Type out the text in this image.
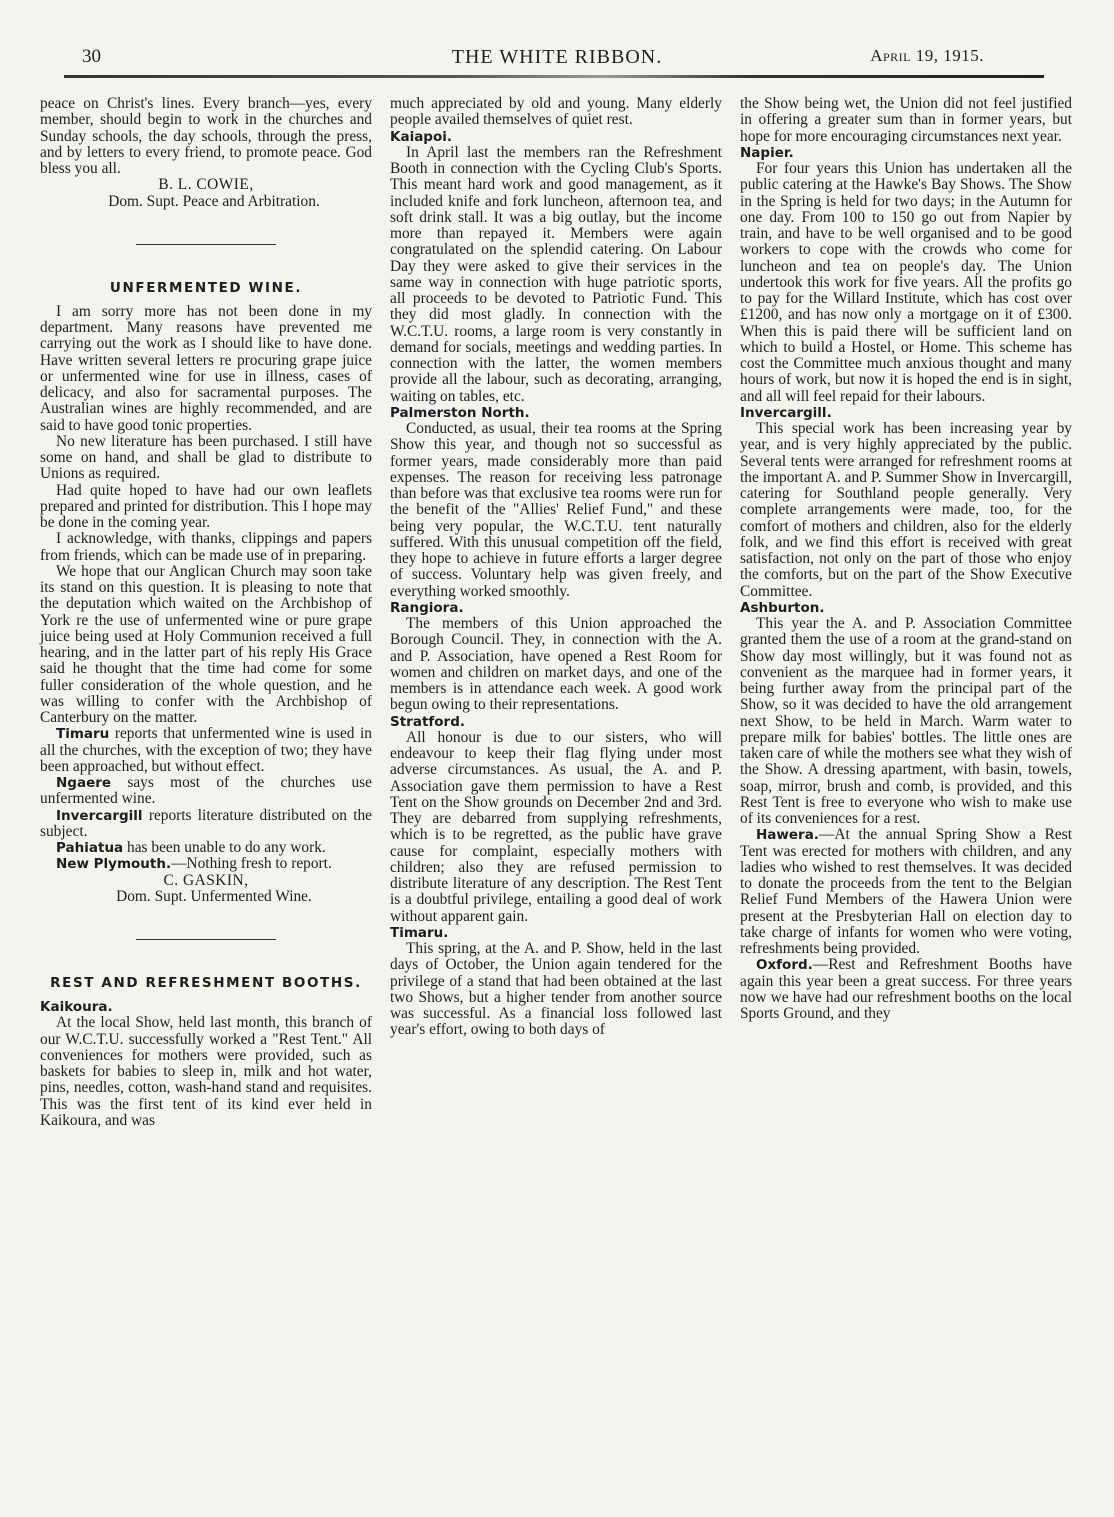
30	THE WHITE RIBBON.	April 19, 1915.

peace on Christ's lines. Every branch—yes, every member, should begin to work in the churches and Sunday schools, the day schools, through the press, and by letters to every friend, to promote peace. God bless you all.

B. L. COWIE,

Dom. Supt. Peace and Arbitration.

UNFERMENTED WINE.

I am sorry more has not been done in my department. Many reasons have prevented me carrying out the work as I should like to have done. Have written several letters re procuring grape juice or unfermented wine for use in illness, cases of delicacy, and also for sacramental purposes. The Australian wines are highly recommended, and are said to have good tonic properties.

No new literature has been purchased. I still have some on hand, and shall be glad to distribute to Unions as required.

Had quite hoped to have had our own leaflets prepared and printed for distribution. This I hope may be done in the coming year.

I acknowledge, with thanks, clippings and papers from friends, which can be made use of in preparing.

We hope that our Anglican Church may soon take its stand on this question. It is pleasing to note that the deputation which waited on the Archbishop of York re the use of unfermented wine or pure grape juice being used at Holy Communion received a full hearing, and in the latter part of his reply His Grace said he thought that the time had come for some fuller consideration of the whole question, and he was willing to confer with the Archbishop of Canterbury on the matter.

Timaru reports that unfermented wine is used in all the churches, with the exception of two; they have been approached, but without effect.

Ngaere says most of the churches use unfermented wine.

Invercargill reports literature distributed on the subject.

Pahiatua has been unable to do any work.

New Plymouth.—Nothing fresh to report.

C. GASKIN,

Dom. Supt. Unfermented Wine.

REST AND REFRESHMENT BOOTHS.
Kaikoura.

At the local Show, held last month, this branch of our W.C.T.U. successfully worked a "Rest Tent." All conveniences for mothers were provided, such as baskets for babies to sleep in, milk and hot water, pins, needles, cotton, wash-hand stand and requisites. This was the first tent of its kind ever held in Kaikoura, and was

much appreciated by old and young. Many elderly people availed themselves of quiet rest.

Kaiapoi.

In April last the members ran the Refreshment Booth in connection with the Cycling Club's Sports. This meant hard work and good management, as it included knife and fork luncheon, afternoon tea, and soft drink stall. It was a big outlay, but the income more than repayed it. Members were again congratulated on the splendid catering. On Labour Day they were asked to give their services in the same way in connection with huge patriotic sports, all proceeds to be devoted to Patriotic Fund. This they did most gladly. In connection with the W.C.T.U. rooms, a large room is very constantly in demand for socials, meetings and wedding parties. In connection with the latter, the women members provide all the labour, such as decorating, arranging, waiting on tables, etc.

Palmerston North.

Conducted, as usual, their tea rooms at the Spring Show this year, and though not so successful as former years, made considerably more than paid expenses. The reason for receiving less patronage than before was that exclusive tea rooms were run for the benefit of the "Allies' Relief Fund," and these being very popular, the W.C.T.U. tent naturally suffered. With this unusual competition off the field, they hope to achieve in future efforts a larger degree of success. Voluntary help was given freely, and everything worked smoothly.

Rangiora.

The members of this Union approached the Borough Council. They, in connection with the A. and P. Association, have opened a Rest Room for women and children on market days, and one of the members is in attendance each week. A good work begun owing to their representations.

Stratford.

All honour is due to our sisters, who will endeavour to keep their flag flying under most adverse circumstances. As usual, the A. and P. Association gave them permission to have a Rest Tent on the Show grounds on December 2nd and 3rd. They are debarred from supplying refreshments, which is to be regretted, as the public have grave cause for complaint, especially mothers with children; also they are refused permission to distribute literature of any description. The Rest Tent is a doubtful privilege, entailing a good deal of work without apparent gain.

Timaru.

This spring, at the A. and P. Show, held in the last days of October, the Union again tendered for the privilege of a stand that had been obtained at the last two Shows, but a higher tender from another source was successful. As a financial loss followed last year's effort, owing to both days of

the Show being wet, the Union did not feel justified in offering a greater sum than in former years, but hope for more encouraging circumstances next year.

Napier.

For four years this Union has undertaken all the public catering at the Hawke's Bay Shows. The Show in the Spring is held for two days; in the Autumn for one day. From 100 to 150 go out from Napier by train, and have to be well organised and to be good workers to cope with the crowds who come for luncheon and tea on people's day. The Union undertook this work for five years. All the profits go to pay for the Willard Institute, which has cost over £1200, and has now only a mortgage on it of £300. When this is paid there will be sufficient land on which to build a Hostel, or Home. This scheme has cost the Committee much anxious thought and many hours of work, but now it is hoped the end is in sight, and all will feel repaid for their labours.

Invercargill.

This special work has been increasing year by year, and is very highly appreciated by the public. Several tents were arranged for refreshment rooms at the important A. and P. Summer Show in Invercargill, catering for Southland people generally. Very complete arrangements were made, too, for the comfort of mothers and children, also for the elderly folk, and we find this effort is received with great satisfaction, not only on the part of those who enjoy the comforts, but on the part of the Show Executive Committee.

Ashburton.

This year the A. and P. Association Committee granted them the use of a room at the grand-stand on Show day most willingly, but it was found not as convenient as the marquee had in former years, it being further away from the principal part of the Show, so it was decided to have the old arrangement next Show, to be held in March. Warm water to prepare milk for babies' bottles. The little ones are taken care of while the mothers see what they wish of the Show. A dressing apartment, with basin, towels, soap, mirror, brush and comb, is provided, and this Rest Tent is free to everyone who wish to make use of its conveniences for a rest.

Hawera.—At the annual Spring Show a Rest Tent was erected for mothers with children, and any ladies who wished to rest themselves. It was decided to donate the proceeds from the tent to the Belgian Relief Fund Members of the Hawera Union were present at the Presbyterian Hall on election day to take charge of infants for women who were voting, refreshments being provided.

Oxford.—Rest and Refreshment Booths have again this year been a great success. For three years now we have had our refreshment booths on the local Sports Ground, and they
